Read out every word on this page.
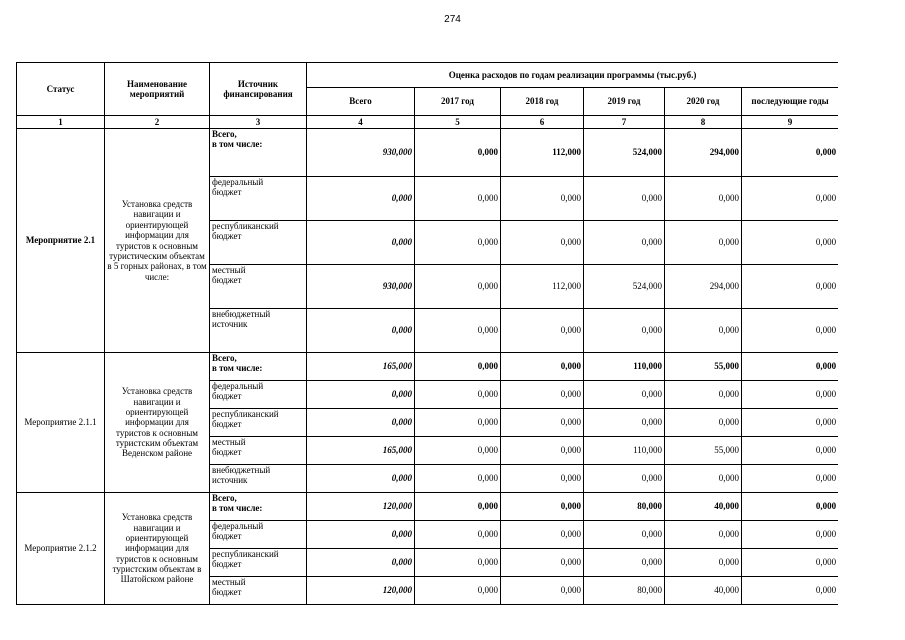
274
Статус	Наименование мероприятий	Источник финансирования	Оценка расходов по годам реализации программы (тыс.руб.)					
			Всего	2017 год	2018 год	2019 год	2020 год	последующие годы
1	2	3	4	5	6	7	8	9
Мероприятие 2.1	Установка средств навигации и ориентирующей информации для туристов к основным туристическим объектам в 5 горных районах, в том числе:	Всего,
в том числе:	930,000	0,000	112,000	524,000	294,000	0,000
		федеральный
бюджет	0,000	0,000	0,000	0,000	0,000	0,000
		республиканский
бюджет	0,000	0,000	0,000	0,000	0,000	0,000
		местный
бюджет	930,000	0,000	112,000	524,000	294,000	0,000
		внебюджетный
источник	0,000	0,000	0,000	0,000	0,000	0,000
Мероприятие 2.1.1	Установка средств навигации и ориентирующей информации для туристов к основным туристским объектам Веденском районе	Всего,
в том числе:	165,000	0,000	0,000	110,000	55,000	0,000
		федеральный
бюджет	0,000	0,000	0,000	0,000	0,000	0,000
		республиканский
бюджет	0,000	0,000	0,000	0,000	0,000	0,000
		местный
бюджет	165,000	0,000	0,000	110,000	55,000	0,000
		внебюджетный
источник	0,000	0,000	0,000	0,000	0,000	0,000
Мероприятие 2.1.2	Установка средств навигации и ориентирующей информации для туристов к основным туристским объектам в Шатойском районе	Всего,
в том числе:	120,000	0,000	0,000	80,000	40,000	0,000
		федеральный
бюджет	0,000	0,000	0,000	0,000	0,000	0,000
		республиканский
бюджет	0,000	0,000	0,000	0,000	0,000	0,000
		местный
бюджет	120,000	0,000	0,000	80,000	40,000	0,000
